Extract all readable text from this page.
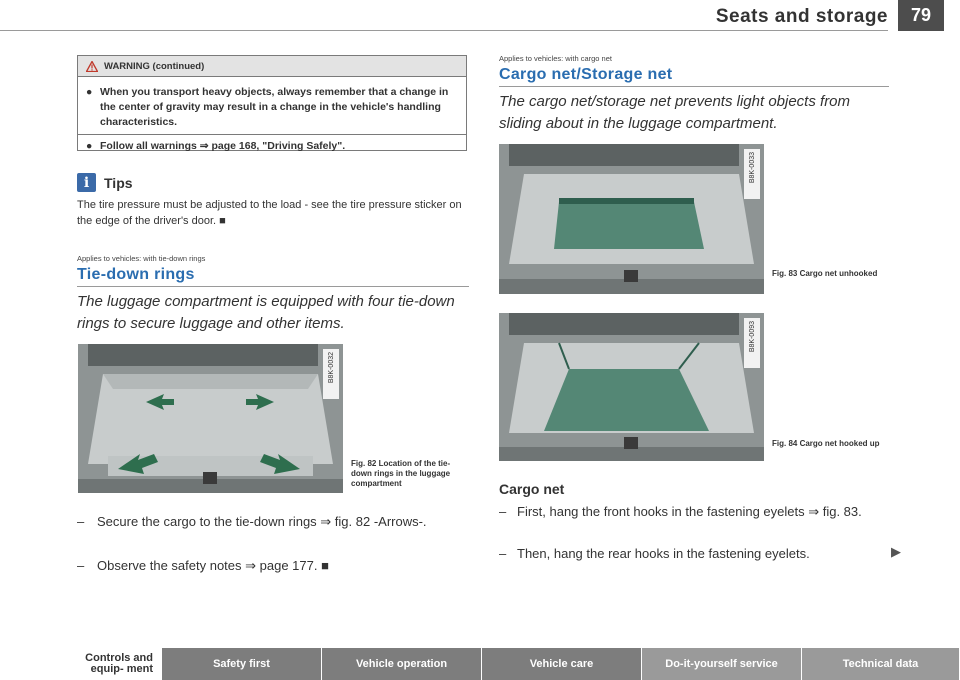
Seats and storage	79
WARNING (continued)
● When you transport heavy objects, always remember that a change in the center of gravity may result in a change in the vehicle's handling characteristics.
● Follow all warnings ⇒ page 168, "Driving Safely".
i	Tips
The tire pressure must be adjusted to the load - see the tire pressure sticker on the edge of the driver's door. ■
Applies to vehicles: with tie-down rings
Tie-down rings
The luggage compartment is equipped with four tie-down rings to secure luggage and other items.
B8K-0032
Fig. 82 Location of the tie-down rings in the luggage compartment
– Secure the cargo to the tie-down rings ⇒ fig. 82 -Arrows-.
– Observe the safety notes ⇒ page 177. ■
Applies to vehicles: with cargo net
Cargo net/Storage net
The cargo net/storage net prevents light objects from sliding about in the luggage compartment.
B8K-0033
Fig. 83 Cargo net unhooked
B8K-0093
Fig. 84 Cargo net hooked up
Cargo net
– First, hang the front hooks in the fastening eyelets ⇒ fig. 83.
– Then, hang the rear hooks in the fastening eyelets.	▶
Controls and equip- ment	Safety first	Vehicle operation	Vehicle care	Do-it-yourself service	Technical data
